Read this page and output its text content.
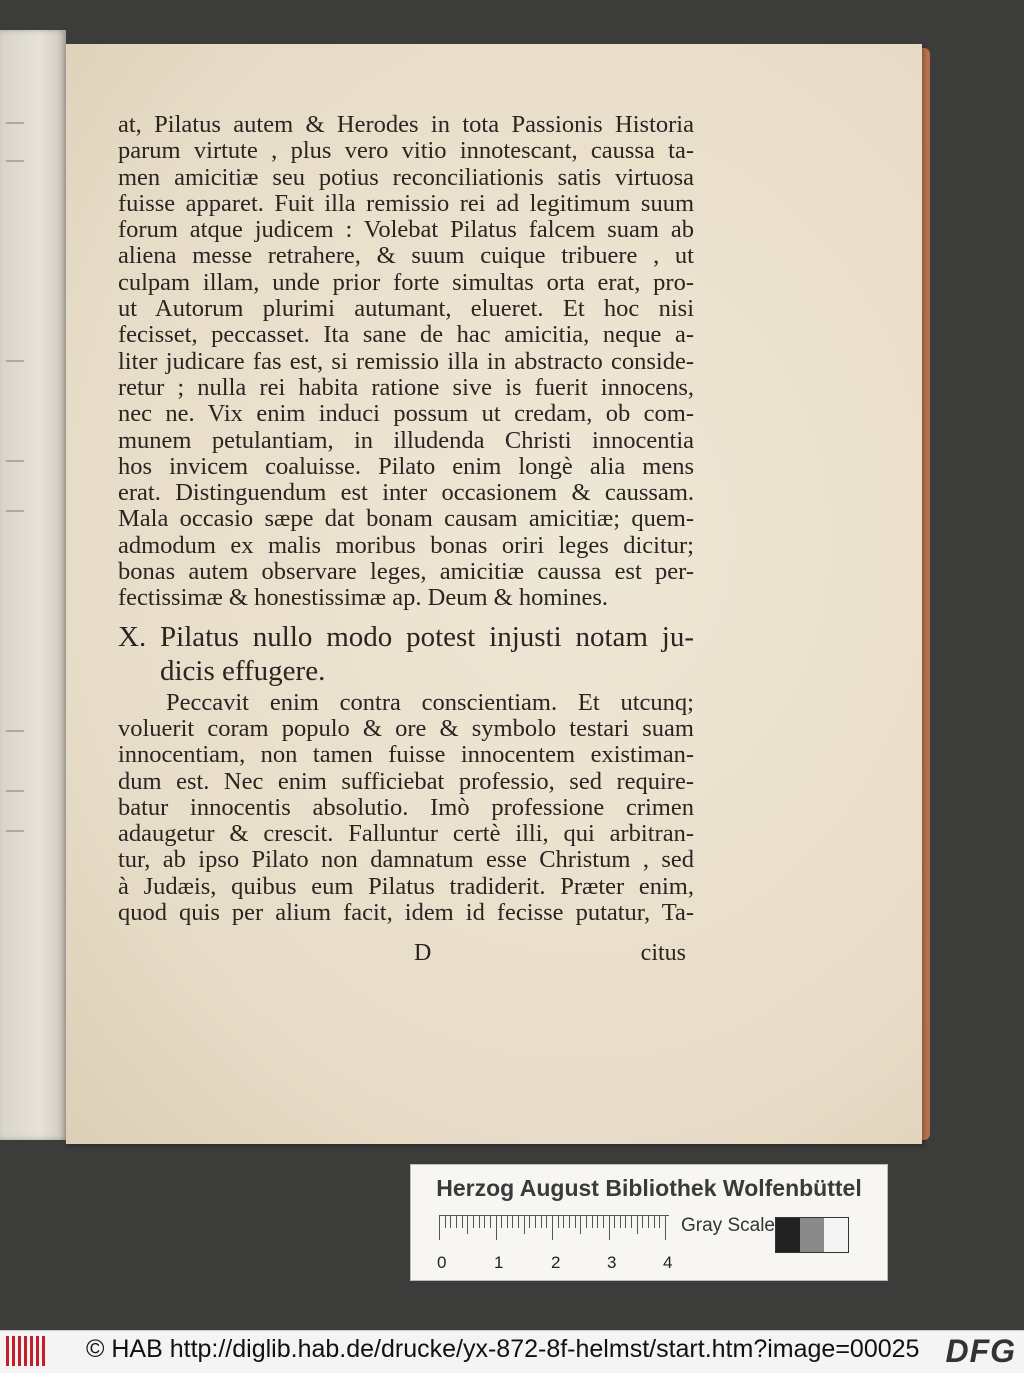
at, Pilatus autem & Herodes in tota Passionis Historia
parum virtute , plus vero vitio innotescant, caussa ta-
men amicitiæ seu potius reconciliationis satis virtuosa
fuisse apparet. Fuit illa remissio rei ad legitimum suum
forum atque judicem : Volebat Pilatus falcem suam ab
aliena messe retrahere, & suum cuique tribuere , ut
culpam illam, unde prior forte simultas orta erat, pro-
ut Autorum plurimi autumant, elueret. Et hoc nisi
fecisset, peccasset. Ita sane de hac amicitia, neque a-
liter judicare fas est, si remissio illa in abstracto conside-
retur ; nulla rei habita ratione sive is fuerit innocens,
nec ne. Vix enim induci possum ut credam, ob com-
munem petulantiam, in illudenda Christi innocentia
hos invicem coaluisse. Pilato enim longè alia mens
erat. Distinguendum est inter occasionem & caussam.
Mala occasio sæpe dat bonam causam amicitiæ; quem-
admodum ex malis moribus bonas oriri leges dicitur;
bonas autem observare leges, amicitiæ caussa est per-
fectissimæ & honestissimæ ap. Deum & homines.
X. Pilatus nullo modo potest injusti notam ju-
dicis effugere.
Peccavit enim contra conscientiam. Et utcunq;
voluerit coram populo & ore & symbolo testari suam
innocentiam, non tamen fuisse innocentem existiman-
dum est. Nec enim sufficiebat professio, sed require-
batur innocentis absolutio. Imò professione crimen
adaugetur & crescit. Falluntur certè illi, qui arbitran-
tur, ab ipso Pilato non damnatum esse Christum , sed
à Judæis, quibus eum Pilatus tradiderit. Præter enim,
quod quis per alium facit, idem id fecisse putatur, Ta-
D	citus
Herzog August Bibliothek Wolfenbüttel
0	1	2	3	4
Gray Scale
© HAB http://diglib.hab.de/drucke/yx-872-8f-helmst/start.htm?image=00025 DFG
